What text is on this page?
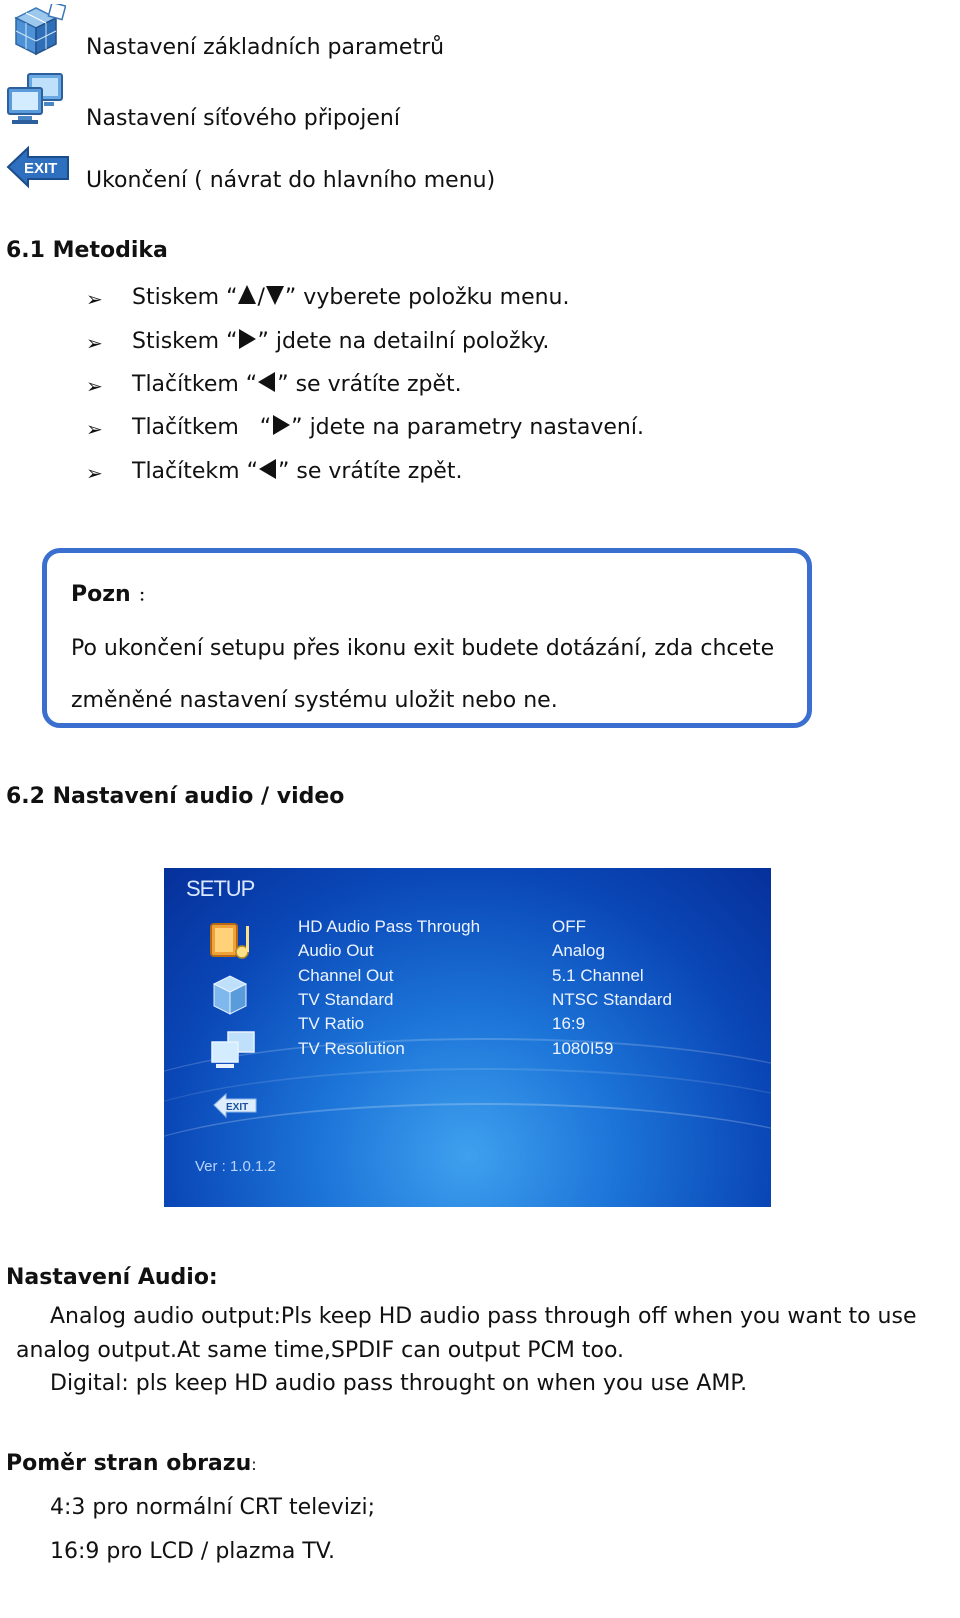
Nastavení základních parametrů
Nastavení síťového připojení
EXIT Ukončení ( návrat do hlavního menu)
6.1 Metodika
➢ Stiskem “ / ” vyberete položku menu.
➢ Stiskem “ ” jdete na detailní položky.
➢ Tlačítkem “ ” se vrátíte zpět.
➢ Tlačítkem   “ ” jdete na parametry nastavení.
➢ Tlačítekm “ ” se vrátíte zpět.
Pozn ：
Po ukončení setupu přes ikonu exit budete dotázání, zda chcete
změněné nastavení systému uložit nebo ne.
6.2 Nastavení audio / video
SETUP
EXIT
HD Audio Pass Through	OFF
Audio Out	Analog
Channel Out	5.1 Channel
TV Standard	NTSC Standard
TV Ratio	16:9
TV Resolution	1080I59
Ver : 1.0.1.2
Nastavení Audio:
Analog audio output:Pls keep HD audio pass through off when you want to use
analog output.At same time,SPDIF can output PCM too.
Digital: pls keep HD audio pass throught on when you use AMP.
Poměr stran obrazu:
4:3 pro normální CRT televizi;
16:9 pro LCD / plazma TV.
